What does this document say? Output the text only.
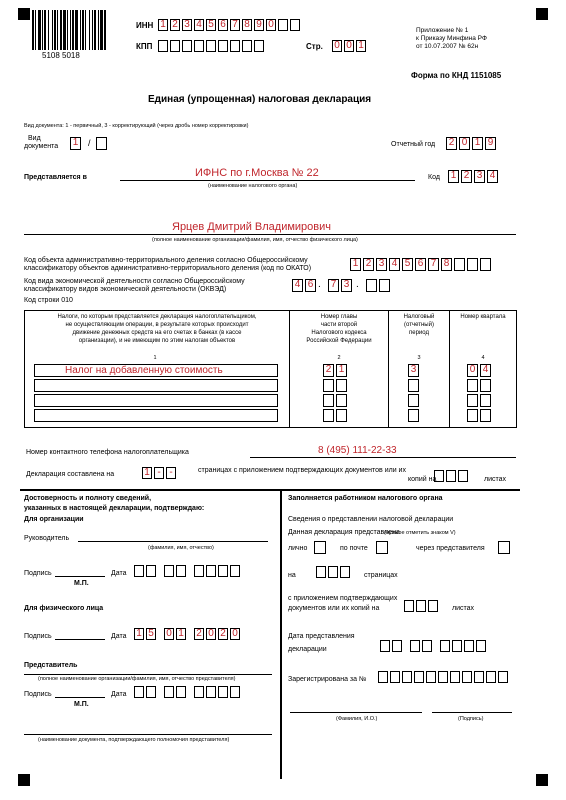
5108 5018
ИНН 1 2 3 4 5 6 7 8 9 0
КПП	Стр. 0 0 1
Приложение № 1
к Приказу Минфина РФ
от 10.07.2007 № 62н
Форма по КНД 1151085
Единая (упрощенная) налоговая декларация
Вид документа: 1 - первичный, 3 - корректирующий (через дробь номер корректировки)
Вид
документа 1	/	Отчетный год 2 0 1 9
Представляется в	ИФНС по г.Москва № 22
(наименование налогового органа)
Код 1 2 3 4
Ярцев Дмитрий Владимирович
(полное наименование организации/фамилия, имя, отчество физического лица)
Код объекта административно-территориального деления согласно Общероссийскому
классификатору объектов административно-территориального деления (код по ОКАТО)	1 2 3 4 5 6 7 8
Код вида экономической деятельности согласно Общероссийскому
классификатору видов экономической деятельности (ОКВЭД)	4 6 . 7 3 .
Код строки 010
Налоги, по которым представляется декларация налогоплательщиком,
не осуществляющим операции, в результате которых происходит
движение денежных средств на его счетах в банках (в кассе
организации), и не имеющим по этим налогам объектов
Номер главы
части второй
Налогового кодекса
Российской Федерации
Налоговый
(отчетный)
период
Номер квартала
1	2	3	4
Налог на добавленную стоимость	2 1	3	0 4
Номер контактного телефона налогоплательщика	8 (495) 111-22-33
Декларация составлена на	1 - -	страницах с приложением подтверждающих документов или их
копий на	листах
Достоверность и полноту сведений,
указанных в настоящей декларации, подтверждаю:
Для организации
Руководитель
(фамилия, имя, отчество)
Подпись	Дата
М.П.
Для физического лица
Подпись	Дата 1 5 0 1 2 0 2 0
Представитель
(полное наименование организации/фамилия, имя, отчество представителя)
Подпись	Дата
М.П.
(наименование документа, подтверждающего полномочия представителя)
Заполняется работником налогового органа
Сведения о представлении налоговой декларации
Данная декларация представлена
(нужное отметить знаком V)
лично	по почте	через представителя
на	страницах
с приложением подтверждающих
документов или их копий на	листах
Дата представления
декларации
Зарегистрирована за №
(Фамилия, И.О.)	(Подпись)
